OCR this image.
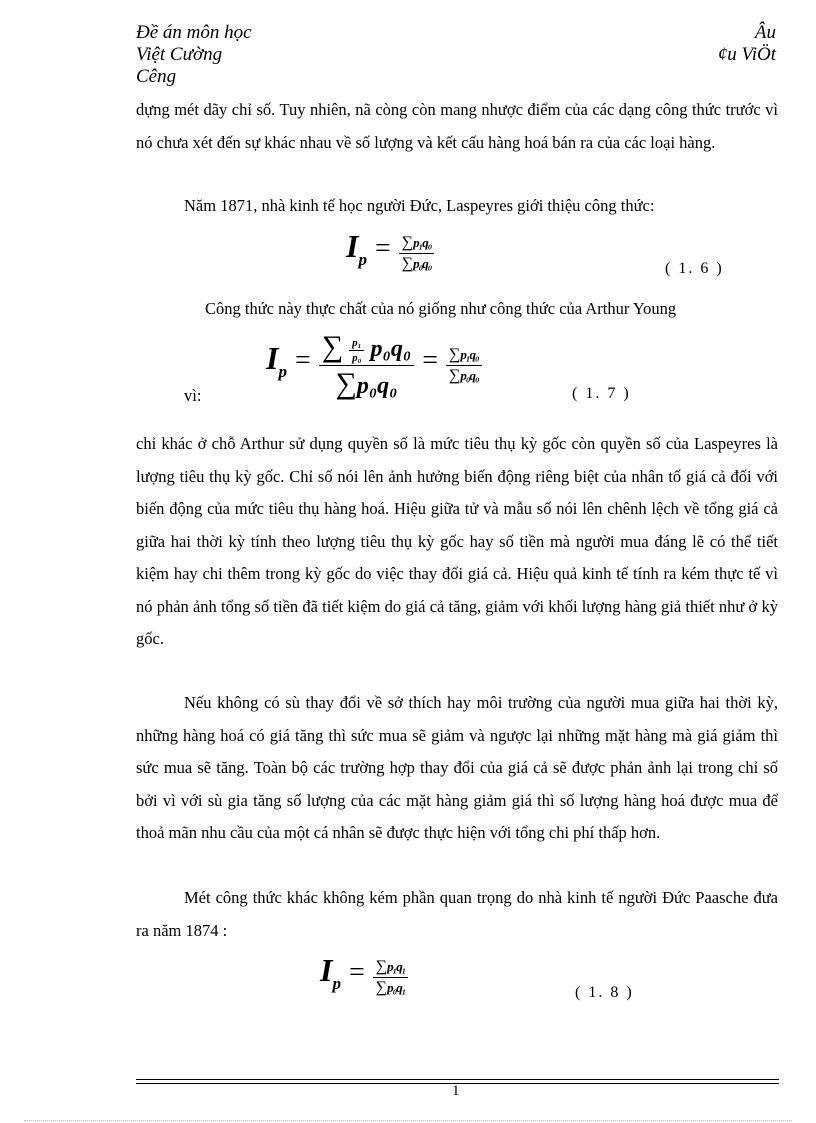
Đề án môn học
Việt Cường
Cêng
Âu
¢u ViÖt
dựng mét dãy chỉ số. Tuy nhiên, nã còng còn mang nhược điểm của các dạng công thức trước vì nó chưa xét đến sự khác nhau về số lượng và kết cấu hàng hoá bán ra của các loại hàng.
Năm 1871, nhà kinh tế học người Đức, Laspeyres giới thiệu công thức:
$Ip = \frac{\text{∑p₁q₀}}{\text{∑p₀q₀}}$	( 1. 6 )
Công thức này thực chất của nó giống như công thức của Arthur Young
vì:
$Ip = \frac{\sum \frac{\text{p₁}}{\text{p₀}} p_0q_0}{\text{∑p₀q₀}} = \frac{\text{∑p₁q₀}}{\text{∑p₀q₀}}$
( 1. 7 )
chỉ khác ở chỗ Arthur sử dụng quyền số là mức tiêu thụ kỳ gốc còn quyền số của Laspeyres là lượng tiêu thụ kỳ gốc. Chỉ số nói lên ảnh hưởng biến động riêng biệt của nhân tố giá cả đối với biến động của mức tiêu thụ hàng hoá. Hiệu giữa tử và mẫu số nói lên chênh lệch về tổng giá cả giữa hai thời kỳ tính theo lượng tiêu thụ kỳ gốc hay số tiền mà người mua đáng lẽ có thể tiết kiệm hay chi thêm trong kỳ gốc do việc thay đổi giá cả. Hiệu quả kinh tế tính ra kém thực tế vì nó phản ảnh tổng số tiền đã tiết kiệm do giá cả tăng, giảm với khối lượng hàng giả thiết như ở kỳ gốc.
Nếu không có sù thay đổi về sở thích hay môi trường của người mua giữa hai thời kỳ, những hàng hoá có giá tăng thì sức mua sẽ giảm và ngược lại những mặt hàng mà giá giảm thì sức mua sẽ tăng. Toàn bộ các trường hợp thay đổi của giá cả sẽ được phản ảnh lại trong chỉ số bởi vì với sù gia tăng số lượng của các mặt hàng giảm giá thì số lượng hàng hoá được mua để thoả mãn nhu cầu của một cá nhân sẽ được thực hiện với tổng chi phí thấp hơn.
Mét công thức khác không kém phần quan trọng do nhà kinh tế người Đức Paasche đưa ra năm 1874 :
$Ip = \frac{\text{∑p₁q₁}}{\text{∑p₀q₁}}$	( 1. 8 )
1
